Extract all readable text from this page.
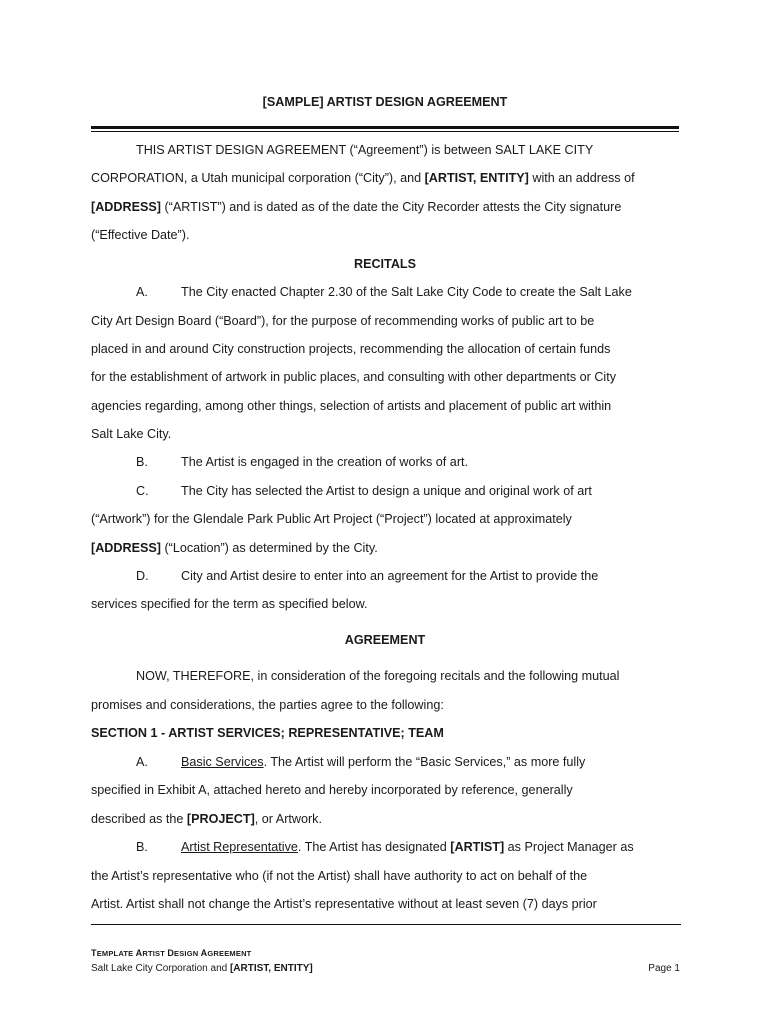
[SAMPLE] ARTIST DESIGN AGREEMENT
THIS ARTIST DESIGN AGREEMENT (“Agreement”) is between SALT LAKE CITY
CORPORATION, a Utah municipal corporation (“City”), and [ARTIST, ENTITY] with an address of
[ADDRESS] (“ARTIST”) and is dated as of the date the City Recorder attests the City signature
(“Effective Date”).
RECITALS
A.	The City enacted Chapter 2.30 of the Salt Lake City Code to create the Salt Lake
City Art Design Board (“Board”), for the purpose of recommending works of public art to be
placed in and around City construction projects, recommending the allocation of certain funds
for the establishment of artwork in public places, and consulting with other departments or City
agencies regarding, among other things, selection of artists and placement of public art within
Salt Lake City.
B.	The Artist is engaged in the creation of works of art.
C.	The City has selected the Artist to design a unique and original work of art
(“Artwork”) for the Glendale Park Public Art Project (“Project”) located at approximately
[ADDRESS] (“Location”) as determined by the City.
D.	City and Artist desire to enter into an agreement for the Artist to provide the
services specified for the term as specified below.
AGREEMENT
NOW, THEREFORE, in consideration of the foregoing recitals and the following mutual
promises and considerations, the parties agree to the following:
SECTION 1 - ARTIST SERVICES; REPRESENTATIVE; TEAM
A.	Basic Services. The Artist will perform the “Basic Services,” as more fully
specified in Exhibit A, attached hereto and hereby incorporated by reference, generally
described as the [PROJECT], or Artwork.
B.	Artist Representative. The Artist has designated [ARTIST] as Project Manager as
the Artist’s representative who (if not the Artist) shall have authority to act on behalf of the
Artist. Artist shall not change the Artist’s representative without at least seven (7) days prior
TEMPLATE ARTIST DESIGN AGREEMENT
Salt Lake City Corporation and [ARTIST, ENTITY]	Page 1
